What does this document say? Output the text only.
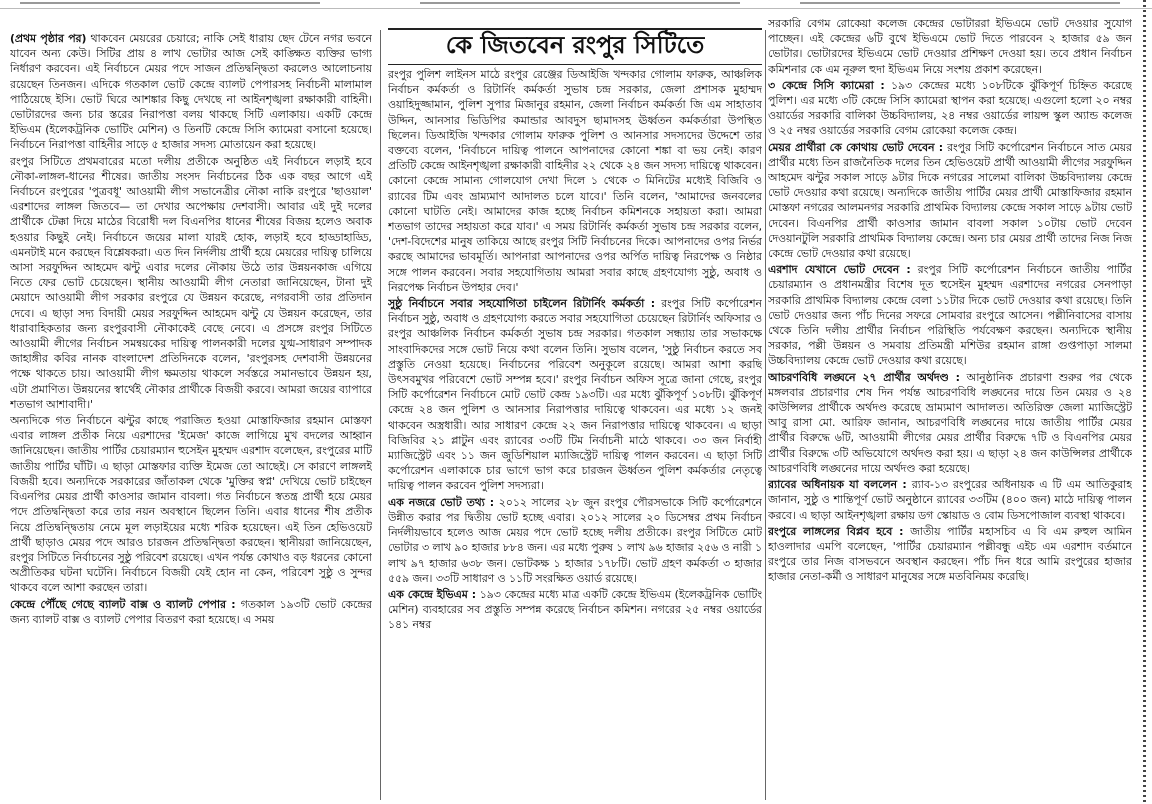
কে জিতবেন রংপুর সিটিতে

(প্রথম পৃষ্ঠার পর) থাকবেন মেয়রের চেয়ারে; নাকি সেই ধারায় ছেদ টেনে নগর ভবনে যাবেন অন্য কেউ। সিটির প্রায় ৪ লাখ ভোটার আজ সেই কাঙ্ক্ষিত ব্যক্তির ভাগ্য নির্ধারণ করবেন। এই নির্বাচনে মেয়র পদে সাজন প্রতিদ্বন্দ্বিতা করলেও আলোচনায় রয়েছেন তিনজন। এদিকে গতকাল ভোট কেন্দ্রে ব্যালট পেপারসহ নির্বাচনী মালামাল পাঠিয়েছে ইসি। ভোট ঘিরে আশঙ্কার কিছু দেখছে না আইনশৃঙ্খলা রক্ষাকারী বাহিনী। ভোটারদের জন্য চার স্তরের নিরাপত্তা বলয় থাকছে সিটি এলাকায়। একটি কেন্দ্রে ইভিএম (ইলেকট্রনিক ভোটিং মেশিন) ও তিনটি কেন্দ্রে সিসি ক্যামেরা বসানো হয়েছে। নির্বাচনে নিরাপত্তা বাহিনীর সাড়ে ৫ হাজার সদস্য মোতায়েন করা হয়েছে।

রংপুর সিটিতে প্রথমবারের মতো দলীয় প্রতীকে অনুষ্ঠিত এই নির্বাচনে লড়াই হবে নৌকা-লাঙ্গল-ধানের শীষের। জাতীয় সংসদ নির্বাচনের ঠিক এক বছর আগে এই নির্বাচনে রংপুরের 'পুত্রবধূ' আওয়ামী লীগ সভানেত্রীর নৌকা নাকি রংপুরে 'ছাওয়াল' এরশাদের লাঙ্গল জিতবে— তা দেখার অপেক্ষায় দেশবাসী। আবার এই দুই দলের প্রার্থীকে টেক্কা দিয়ে মাঠের বিরোধী দল বিএনপির ধানের শীষের বিজয় হলেও অবাক হওয়ার কিছুই নেই। নির্বাচনে জয়ের মালা যারই হোক, লড়াই হবে হাড্ডাহাড্ডি, এমনটাই মনে করছেন বিশ্লেষকরা। এত দিন নির্দলীয় প্রার্থী হয়ে মেয়রের দায়িত্ব চালিয়ে আসা সরফুদ্দিন আহমেদ ঝন্টু এবার দলের নৌকায় উঠে তার উন্নয়নকাজ এগিয়ে নিতে ফের ভোট চেয়েছেন। স্থানীয় আওয়ামী লীগ নেতারা জানিয়েছেন, টানা দুই মেয়াদে আওয়ামী লীগ সরকার রংপুরে যে উন্নয়ন করেছে, নগরবাসী তার প্রতিদান দেবে। এ ছাড়া সদ্য বিদায়ী মেয়র সরফুদ্দিন আহমেদ ঝন্টু যে উন্নয়ন করেছেন, তার ধারাবাহিকতার জন্য রংপুরবাসী নৌকাকেই বেছে নেবে। এ প্রসঙ্গে রংপুর সিটিতে আওয়ামী লীগের নির্বাচন সমন্বয়কের দায়িত্ব পালনকারী দলের যুগ্ম-সাধারণ সম্পাদক জাহাঙ্গীর কবির নানক বাংলাদেশ প্রতিদিনকে বলেন, 'রংপুরসহ দেশবাসী উন্নয়নের পক্ষে থাকতে চায়। আওয়ামী লীগ ক্ষমতায় থাকলে সর্বস্তরে সমানভাবে উন্নয়ন হয়, এটা প্রমাণিত। উন্নয়নের স্বার্থেই নৌকার প্রার্থীকে বিজয়ী করবে। আমরা জয়ের ব্যাপারে শতভাগ আশাবাদী।'

অন্যদিকে গত নির্বাচনে ঝন্টুর কাছে পরাজিত হওয়া মোস্তাফিজার রহমান মোস্তফা এবার লাঙ্গল প্রতীক নিয়ে এরশাদের 'ইমেজ' কাজে লাগিয়ে মুখ বদলের আহ্বান জানিয়েছেন। জাতীয় পার্টির চেয়ারম্যান হুসেইন মুহম্মদ এরশাদ বলেছেন, রংপুরের মাটি জাতীয় পার্টির ঘাঁটি। এ ছাড়া মোস্তফার ব্যক্তি ইমেজ তো আছেই। সে কারণে লাঙ্গলই বিজয়ী হবে। অন্যদিকে সরকারের জাঁতাকল থেকে 'মুক্তির স্বপ্ন' দেখিয়ে ভোট চাইছেন বিএনপির মেয়র প্রার্থী কাওসার জামান বাবলা। গত নির্বাচনে স্বতন্ত্র প্রার্থী হয়ে মেয়র পদে প্রতিদ্বন্দ্বিতা করে তার নয়ন অবস্থানে ছিলেন তিনি। এবার ধানের শীষ প্রতীক নিয়ে প্রতিদ্বন্দ্বিতায় নেমে মূল লড়াইয়ের মধ্যে শরিক হয়েছেন। এই তিন হেভিওয়েট প্রার্থী ছাড়াও মেয়র পদে আরও চারজন প্রতিদ্বন্দ্বিতা করছেন। স্থানীয়রা জানিয়েছেন, রংপুর সিটিতে নির্বাচনের সুষ্ঠু পরিবেশ রয়েছে। এখন পর্যন্ত কোথাও বড় ধরনের কোনো অপ্রীতিকর ঘটনা ঘটেনি। নির্বাচনে বিজয়ী যেই হোন না কেন, পরিবেশ সুষ্ঠু ও সুন্দর থাকবে বলে আশা করছেন তারা।

কেন্দ্রে পৌঁছে গেছে ব্যালট বাক্স ও ব্যালট পেপার : গতকাল ১৯৩টি ভোট কেন্দ্রের জন্য ব্যালট বাক্স ও ব্যালট পেপার বিতরণ করা হয়েছে। এ সময়

রংপুর পুলিশ লাইনস মাঠে রংপুর রেঞ্জের ডিআইজি খন্দকার গোলাম ফারুক, আঞ্চলিক নির্বাচন কর্মকর্তা ও রিটার্নিং কর্মকর্তা সুভাষ চন্দ্র সরকার, জেলা প্রশাসক মুহাম্মদ ওয়াহিদুজ্জামান, পুলিশ সুপার মিজানুর রহমান, জেলা নির্বাচন কর্মকর্তা জি এম সাহাতাব উদ্দিন, আনসার ভিডিপির কমান্ডার আবদুস ছামাদসহ ঊর্ধ্বতন কর্মকর্তারা উপস্থিত ছিলেন। ডিআইজি খন্দকার গোলাম ফারুক পুলিশ ও আনসার সদস্যদের উদ্দেশে তার বক্তব্যে বলেন, 'নির্বাচনে দায়িত্ব পালনে আপনাদের কোনো শঙ্কা বা ভয় নেই। কারণ প্রতিটি কেন্দ্রে আইনশৃঙ্খলা রক্ষাকারী বাহিনীর ২২ থেকে ২৪ জন সদস্য দায়িত্বে থাকবেন। কোনো কেন্দ্রে সামান্য গোলযোগ দেখা দিলে ১ থেকে ৩ মিনিটের মধ্যেই বিজিবি ও র‍্যাবের টিম এবং ভ্রাম্যমাণ আদালত চলে যাবে।' তিনি বলেন, 'আমাদের জনবলের কোনো ঘাটতি নেই। আমাদের কাজ হচ্ছে নির্বাচন কমিশনকে সহায়তা করা। আমরা শতভাগ তাদের সহায়তা করে যাব।' এ সময় রিটার্নিং কর্মকর্তা সুভাষ চন্দ্র সরকার বলেন, 'দেশ-বিদেশের মানুষ তাকিয়ে আছে রংপুর সিটি নির্বাচনের দিকে। আপনাদের ওপর নির্ভর করছে আমাদের ভাবমূর্তি। আপনারা আপনাদের ওপর অর্পিত দায়িত্ব নিরপেক্ষ ও নিষ্ঠার সঙ্গে পালন করবেন। সবার সহযোগিতায় আমরা সবার কাছে গ্রহণযোগ্য সুষ্ঠু, অবাধ ও নিরপেক্ষ নির্বাচন উপহার দেব।'

সুষ্ঠু নির্বাচনে সবার সহযোগিতা চাইলেন রিটার্নিং কর্মকর্তা : রংপুর সিটি কর্পোরেশন নির্বাচন সুষ্ঠু, অবাধ ও গ্রহণযোগ্য করতে সবার সহযোগিতা চেয়েছেন রিটার্নিং অফিসার ও রংপুর আঞ্চলিক নির্বাচন কর্মকর্তা সুভাষ চন্দ্র সরকার। গতকাল সন্ধ্যায় তার সভাকক্ষে সাংবাদিকদের সঙ্গে ভোট নিয়ে কথা বলেন তিনি। সুভাষ বলেন, 'সুষ্ঠু নির্বাচন করতে সব প্রস্তুতি নেওয়া হয়েছে। নির্বাচনের পরিবেশ অনুকূলে রয়েছে। আমরা আশা করছি উৎসবমুখর পরিবেশে ভোট সম্পন্ন হবে।' রংপুর নির্বাচন অফিস সূত্রে জানা গেছে, রংপুর সিটি কর্পোরেশন নির্বাচনে মোট ভোট কেন্দ্র ১৯৩টি। এর মধ্যে ঝুঁকিপূর্ণ ১০৮টি। ঝুঁকিপূর্ণ কেন্দ্রে ২৪ জন পুলিশ ও আনসার নিরাপত্তার দায়িত্বে থাকবেন। এর মধ্যে ১২ জনই থাকবেন অস্ত্রধারী। আর সাধারণ কেন্দ্রে ২২ জন নিরাপত্তার দায়িত্বে থাকবেন। এ ছাড়া বিজিবির ২১ প্লাটুন এবং র‍্যাবের ৩৩টি টিম নির্বাচনী মাঠে থাকবে। ৩৩ জন নির্বাহী ম্যাজিস্ট্রেট এবং ১১ জন জুডিশিয়াল ম্যাজিস্ট্রেট দায়িত্ব পালন করবেন। এ ছাড়া সিটি কর্পোরেশন এলাকাকে চার ভাগে ভাগ করে চারজন ঊর্ধ্বতন পুলিশ কর্মকর্তার নেতৃত্বে দায়িত্ব পালন করবেন পুলিশ সদস্যরা।

এক নজরে ভোট তথ্য : ২০১২ সালের ২৮ জুন রংপুর পৌরসভাকে সিটি কর্পোরেশনে উন্নীত করার পর দ্বিতীয় ভোট হচ্ছে এবার। ২০১২ সালের ২০ ডিসেম্বর প্রথম নির্বাচন নির্দলীয়ভাবে হলেও আজ মেয়র পদে ভোট হচ্ছে দলীয় প্রতীকে। রংপুর সিটিতে মোট ভোটার ৩ লাখ ৯০ হাজার ৮৮৪ জন। এর মধ্যে পুরুষ ১ লাখ ৯৬ হাজার ২৫৬ ও নারী ১ লাখ ৯৭ হাজার ৬৩৮ জন। ভোটকক্ষ ১ হাজার ১৭৮টি। ভোট গ্রহণ কর্মকর্তা ৩ হাজার ৫৫৯ জন। ৩৩টি সাধারণ ও ১১টি সংরক্ষিত ওয়ার্ড রয়েছে।

এক কেন্দ্রে ইভিএম : ১৯৩ কেন্দ্রের মধ্যে মাত্র একটি কেন্দ্রে ইভিএম (ইলেকট্রনিক ভোটিং মেশিন) ব্যবহারের সব প্রস্তুতি সম্পন্ন করেছে নির্বাচন কমিশন। নগরের ২৫ নম্বর ওয়ার্ডের ১৪১ নম্বর

সরকারি বেগম রোকেয়া কলেজ কেন্দ্রের ভোটাররা ইভিএমে ভোট দেওয়ার সুযোগ পাচ্ছেন। এই কেন্দ্রের ৬টি বুথে ইভিএমে ভোট দিতে পারবেন ২ হাজার ৫৯ জন ভোটার। ভোটারদের ইভিএমে ভোট দেওয়ার প্রশিক্ষণ দেওয়া হয়। তবে প্রধান নির্বাচন কমিশনার কে এম নূরুল হুদা ইভিএম নিয়ে সংশয় প্রকাশ করেছেন।

৩ কেন্দ্রে সিসি ক্যামেরা : ১৯৩ কেন্দ্রের মধ্যে ১০৮টিকে ঝুঁকিপূর্ণ চিহ্নিত করেছে পুলিশ। এর মধ্যে ৩টি কেন্দ্রে সিসি ক্যামেরা স্থাপন করা হয়েছে। এগুলো হলো ২০ নম্বর ওয়ার্ডের সরকারি বালিকা উচ্চবিদ্যালয়, ২৪ নম্বর ওয়ার্ডের লায়ন্স স্কুল অ্যান্ড কলেজ ও ২৫ নম্বর ওয়ার্ডের সরকারি বেগম রোকেয়া কলেজ কেন্দ্র।

মেয়র প্রার্থীরা কে কোথায় ভোট দেবেন : রংপুর সিটি কর্পোরেশন নির্বাচনে সাত মেয়র প্রার্থীর মধ্যে তিন রাজনৈতিক দলের তিন হেভিওয়েট প্রার্থী আওয়ামী লীগের সরফুদ্দিন আহমেদ ঝন্টুর সকাল সাড়ে ৯টার দিকে নগরের সালেমা বালিকা উচ্চবিদ্যালয় কেন্দ্রে ভোট দেওয়ার কথা রয়েছে। অন্যদিকে জাতীয় পার্টির মেয়র প্রার্থী মোস্তাফিজার রহমান মোস্তফা নগরের আলমনগর সরকারি প্রাথমিক বিদ্যালয় কেন্দ্রে সকাল সাড়ে ৯টায় ভোট দেবেন। বিএনপির প্রার্থী কাওসার জামান বাবলা সকাল ১০টায় ভোট দেবেন দেওয়ানটুলি সরকারি প্রাথমিক বিদ্যালয় কেন্দ্রে। অন্য চার মেয়র প্রার্থী তাদের নিজ নিজ কেন্দ্রে ভোট দেওয়ার কথা রয়েছে।

এরশাদ যেখানে ভোট দেবেন : রংপুর সিটি কর্পোরেশন নির্বাচনে জাতীয় পার্টির চেয়ারম্যান ও প্রধানমন্ত্রীর বিশেষ দূত হুসেইন মুহম্মদ এরশাদের নগরের সেনপাড়া সরকারি প্রাথমিক বিদ্যালয় কেন্দ্রে বেলা ১১টার দিকে ভোট দেওয়ার কথা রয়েছে। তিনি ভোট দেওয়ার জন্য পাঁচ দিনের সফরে সোমবার রংপুরে আসেন। পল্লীনিবাসের বাসায় থেকে তিনি দলীয় প্রার্থীর নির্বাচন পরিস্থিতি পর্যবেক্ষণ করছেন। অন্যদিকে স্থানীয় সরকার, পল্লী উন্নয়ন ও সমবায় প্রতিমন্ত্রী মশিউর রহমান রাঙ্গা গুপ্তপাড়া সালমা উচ্চবিদ্যালয় কেন্দ্রে ভোট দেওয়ার কথা রয়েছে।

আচরণবিধি লঙ্ঘনে ২৭ প্রার্থীর অর্থদণ্ড : আনুষ্ঠানিক প্রচারণা শুরুর পর থেকে মঙ্গলবার প্রচারণার শেষ দিন পর্যন্ত আচরণবিধি লঙ্ঘনের দায়ে তিন মেয়র ও ২৪ কাউন্সিলর প্রার্থীকে অর্থদণ্ড করেছে ভ্রাম্যমাণ আদালত। অতিরিক্ত জেলা ম্যাজিস্ট্রেট আবু রাসা মো. আরিফ জানান, আচরণবিধি লঙ্ঘনের দায়ে জাতীয় পার্টির মেয়র প্রার্থীর বিরুদ্ধে ৬টি, আওয়ামী লীগের মেয়র প্রার্থীর বিরুদ্ধে ৭টি ও বিএনপির মেয়র প্রার্থীর বিরুদ্ধে ৩টি অভিযোগে অর্থদণ্ড করা হয়। এ ছাড়া ২৪ জন কাউন্সিলর প্রার্থীকে আচরণবিধি লঙ্ঘনের দায়ে অর্থদণ্ড করা হয়েছে।

র‍্যাবের অধিনায়ক যা বললেন : র‍্যাব-১৩ রংপুরের অধিনায়ক এ টি এম আতিকুরাহ জানান, সুষ্ঠু ও শান্তিপূর্ণ ভোট অনুষ্ঠানে র‍্যাবের ৩৩টিম (৪০০ জন) মাঠে দায়িত্ব পালন করবে। এ ছাড়া আইনশৃঙ্খলা রক্ষায় ডগ স্কোয়াড ও বোম ডিসপোজাল ব্যবস্থা থাকবে।

রংপুরে লাঙ্গলের বিপ্লব হবে : জাতীয় পার্টির মহাসচিব এ বি এম রুহুল আমিন হাওলাদার এমপি বলেছেন, 'পার্টির চেয়ারম্যান পল্লীবন্ধু এইচ এম এরশাদ বর্তমানে রংপুরে তার নিজ বাসভবনে অবস্থান করছেন। পাঁচ দিন ধরে আমি রংপুরের হাজার হাজার নেতা-কর্মী ও সাধারণ মানুষের সঙ্গে মতবিনিময় করেছি।
